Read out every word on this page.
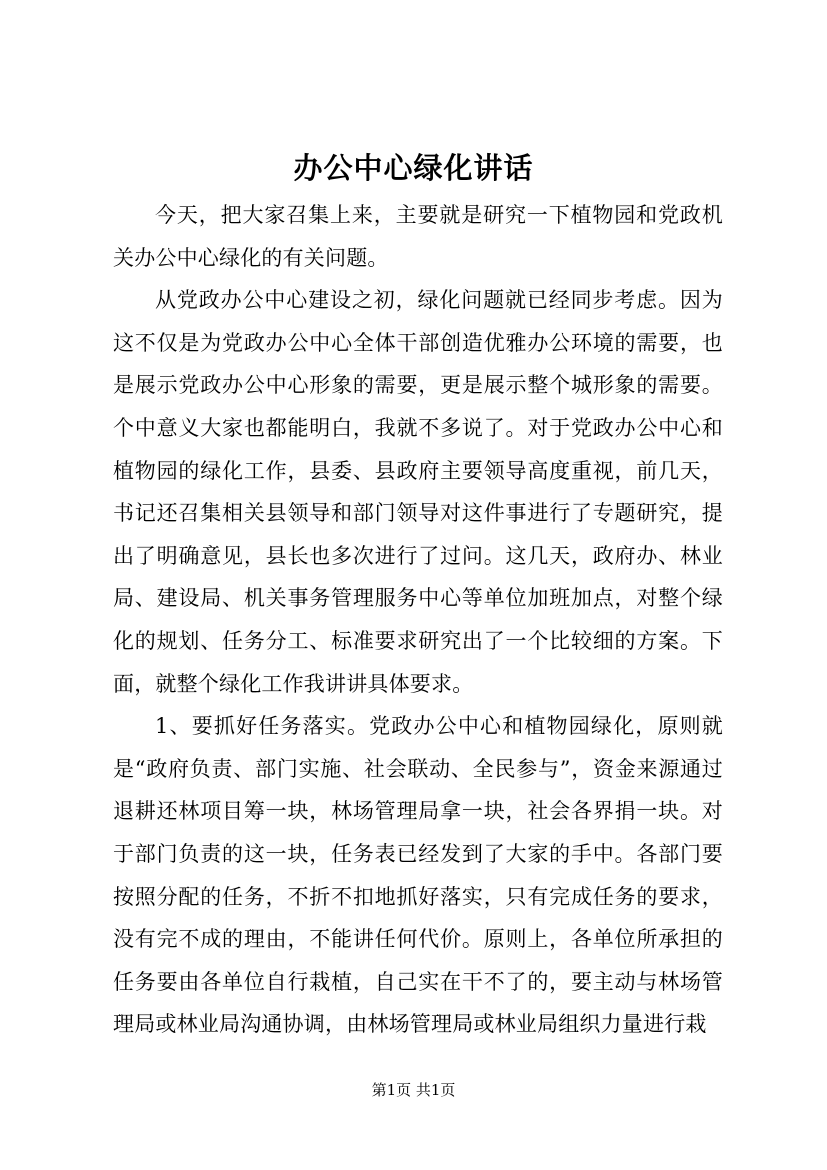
办公中心绿化讲话

今天，把大家召集上来，主要就是研究一下植物园和党政机关办公中心绿化的有关问题。

从党政办公中心建设之初，绿化问题就已经同步考虑。因为这不仅是为党政办公中心全体干部创造优雅办公环境的需要，也是展示党政办公中心形象的需要，更是展示整个城形象的需要。个中意义大家也都能明白，我就不多说了。对于党政办公中心和植物园的绿化工作，县委、县政府主要领导高度重视，前几天，书记还召集相关县领导和部门领导对这件事进行了专题研究，提出了明确意见，县长也多次进行了过问。这几天，政府办、林业局、建设局、机关事务管理服务中心等单位加班加点，对整个绿化的规划、任务分工、标准要求研究出了一个比较细的方案。下面，就整个绿化工作我讲讲具体要求。

1、要抓好任务落实。党政办公中心和植物园绿化，原则就是“政府负责、部门实施、社会联动、全民参与”，资金来源通过退耕还林项目筹一块，林场管理局拿一块，社会各界捐一块。对于部门负责的这一块，任务表已经发到了大家的手中。各部门要按照分配的任务，不折不扣地抓好落实，只有完成任务的要求，没有完不成的理由，不能讲任何代价。原则上，各单位所承担的任务要由各单位自行栽植，自己实在干不了的，要主动与林场管理局或林业局沟通协调，由林场管理局或林业局组织力量进行栽

第1页 共1页
